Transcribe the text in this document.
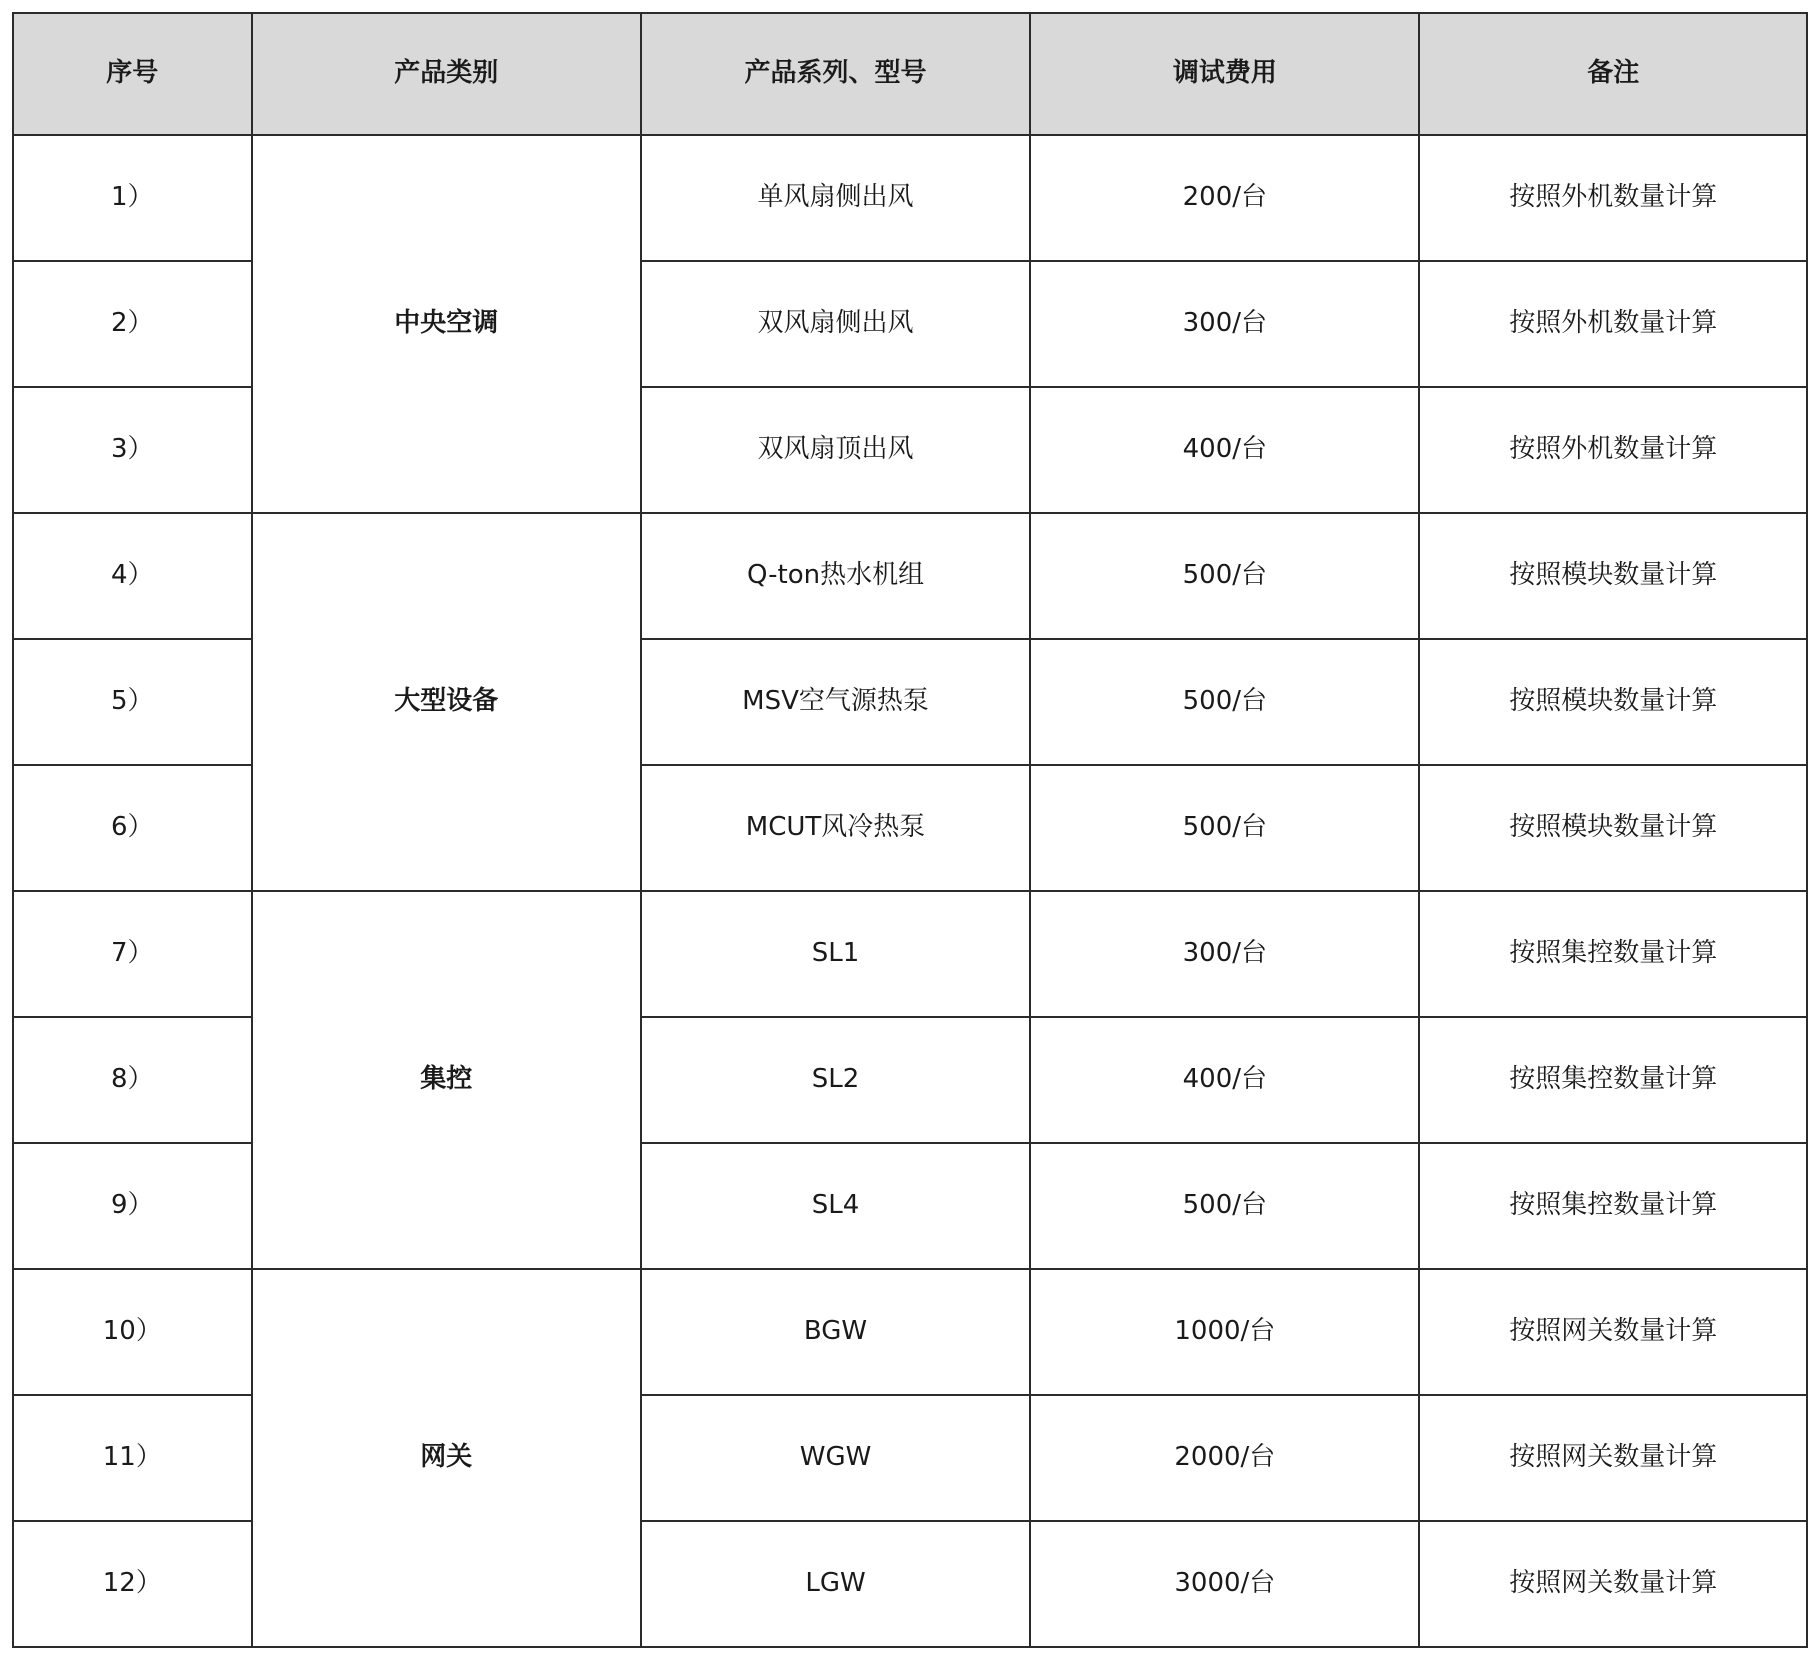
序号	产品类别	产品系列、型号	调试费用	备注
1）	中央空调	单风扇侧出风	200/台	按照外机数量计算
2）		双风扇侧出风	300/台	按照外机数量计算
3）		双风扇顶出风	400/台	按照外机数量计算
4）	大型设备	Q-ton热水机组	500/台	按照模块数量计算
5）		MSV空气源热泵	500/台	按照模块数量计算
6）		MCUT风冷热泵	500/台	按照模块数量计算
7）	集控	SL1	300/台	按照集控数量计算
8）		SL2	400/台	按照集控数量计算
9）		SL4	500/台	按照集控数量计算
10）	网关	BGW	1000/台	按照网关数量计算
11）		WGW	2000/台	按照网关数量计算
12）		LGW	3000/台	按照网关数量计算
